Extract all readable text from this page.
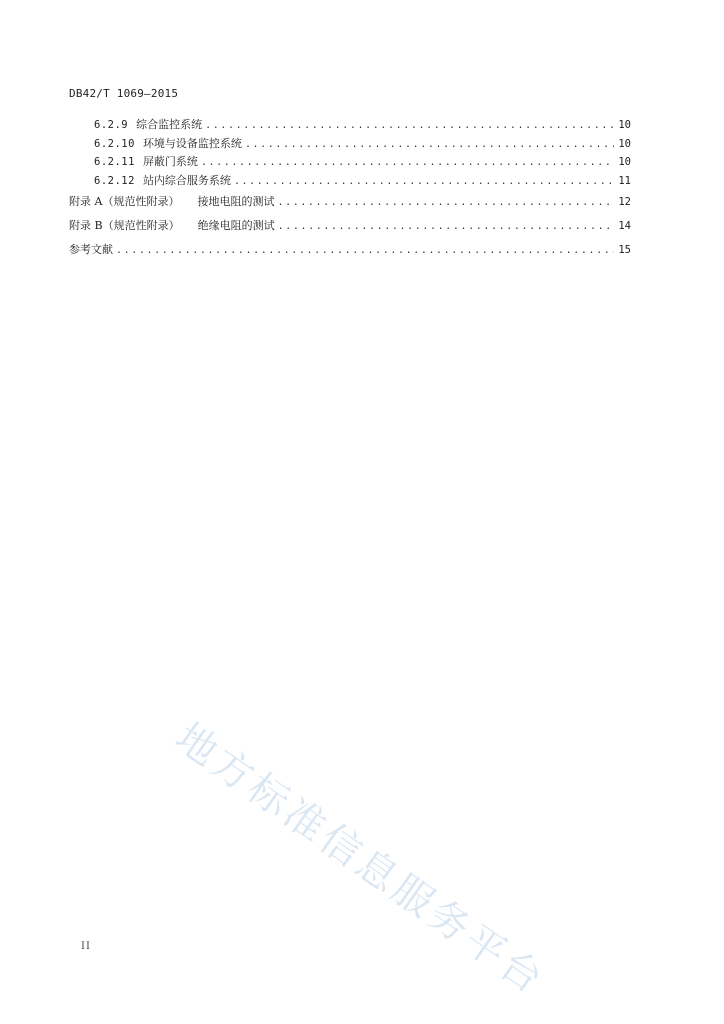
DB42/T 1069—2015
6.2.9 综合监控系统 .....	10
6.2.10 环境与设备监控系统 .....	10
6.2.11 屏蔽门系统 .....	10
6.2.12 站内综合服务系统 .....	11
附录 A（规范性附录） 接地电阻的测试 .....	12
附录 B（规范性附录） 绝缘电阻的测试 .....	14
参考文献 .....	15
地方标准信息服务平台
II
